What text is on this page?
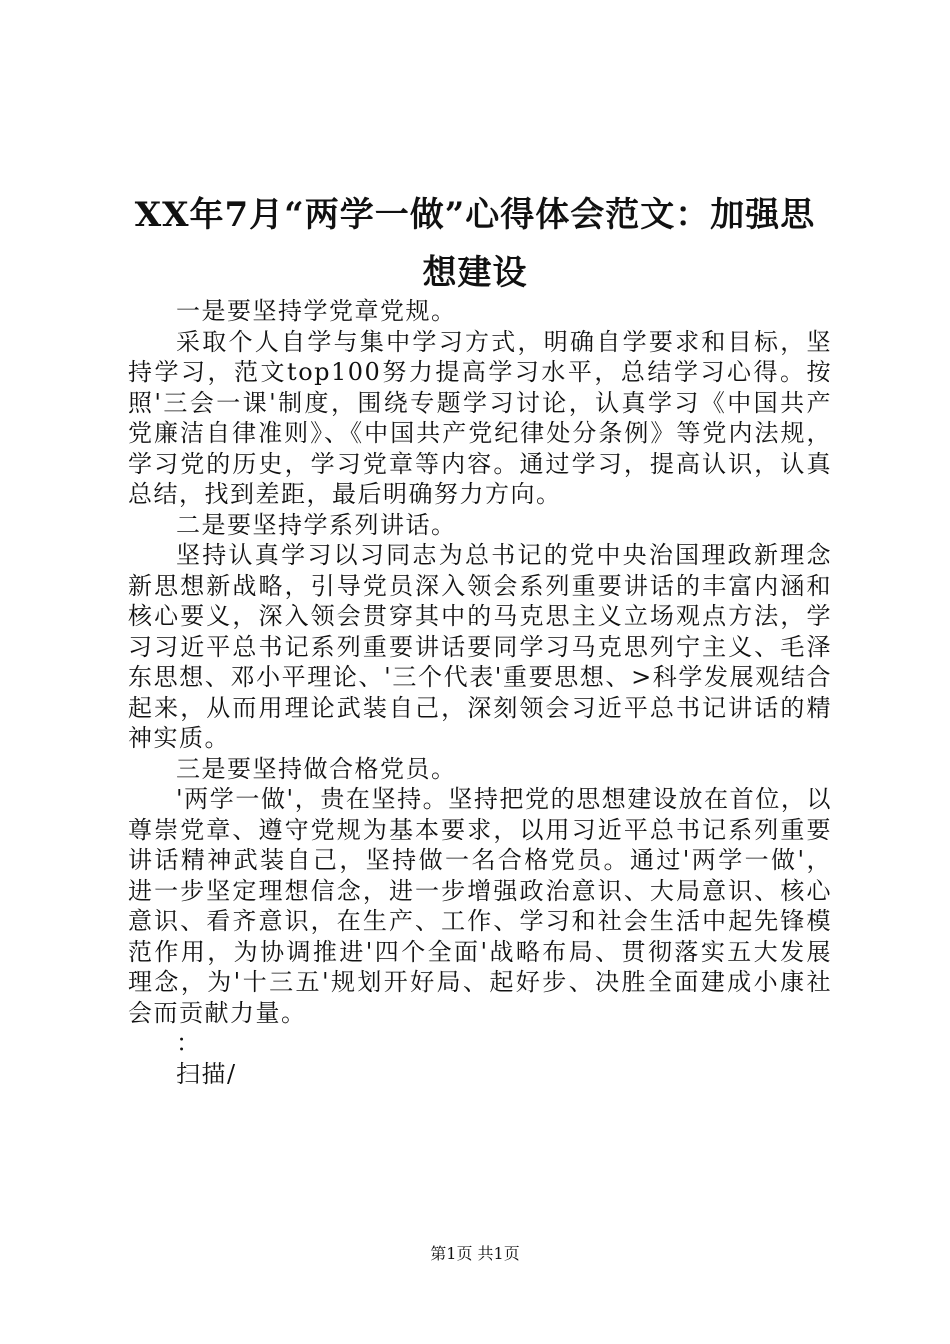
XX年7月“两学一做”心得体会范文：加强思想建设

一是要坚持学党章党规。

采取个人自学与集中学习方式，明确自学要求和目标，坚持学习，范文top100努力提高学习水平，总结学习心得。按照'三会一课'制度，围绕专题学习讨论，认真学习《中国共产党廉洁自律准则》、《中国共产党纪律处分条例》等党内法规，学习党的历史，学习党章等内容。通过学习，提高认识，认真总结，找到差距，最后明确努力方向。

二是要坚持学系列讲话。

坚持认真学习以习同志为总书记的党中央治国理政新理念新思想新战略，引导党员深入领会系列重要讲话的丰富内涵和核心要义，深入领会贯穿其中的马克思主义立场观点方法，学习习近平总书记系列重要讲话要同学习马克思列宁主义、毛泽东思想、邓小平理论、'三个代表'重要思想、>科学发展观结合起来，从而用理论武装自己，深刻领会习近平总书记讲话的精神实质。

三是要坚持做合格党员。

'两学一做'，贵在坚持。坚持把党的思想建设放在首位，以尊崇党章、遵守党规为基本要求，以用习近平总书记系列重要讲话精神武装自己，坚持做一名合格党员。通过'两学一做'，进一步坚定理想信念，进一步增强政治意识、大局意识、核心意识、看齐意识，在生产、工作、学习和社会生活中起先锋模范作用，为协调推进'四个全面'战略布局、贯彻落实五大发展理念，为'十三五'规划开好局、起好步、决胜全面建成小康社会而贡献力量。

：

扫描/

第1页 共1页
